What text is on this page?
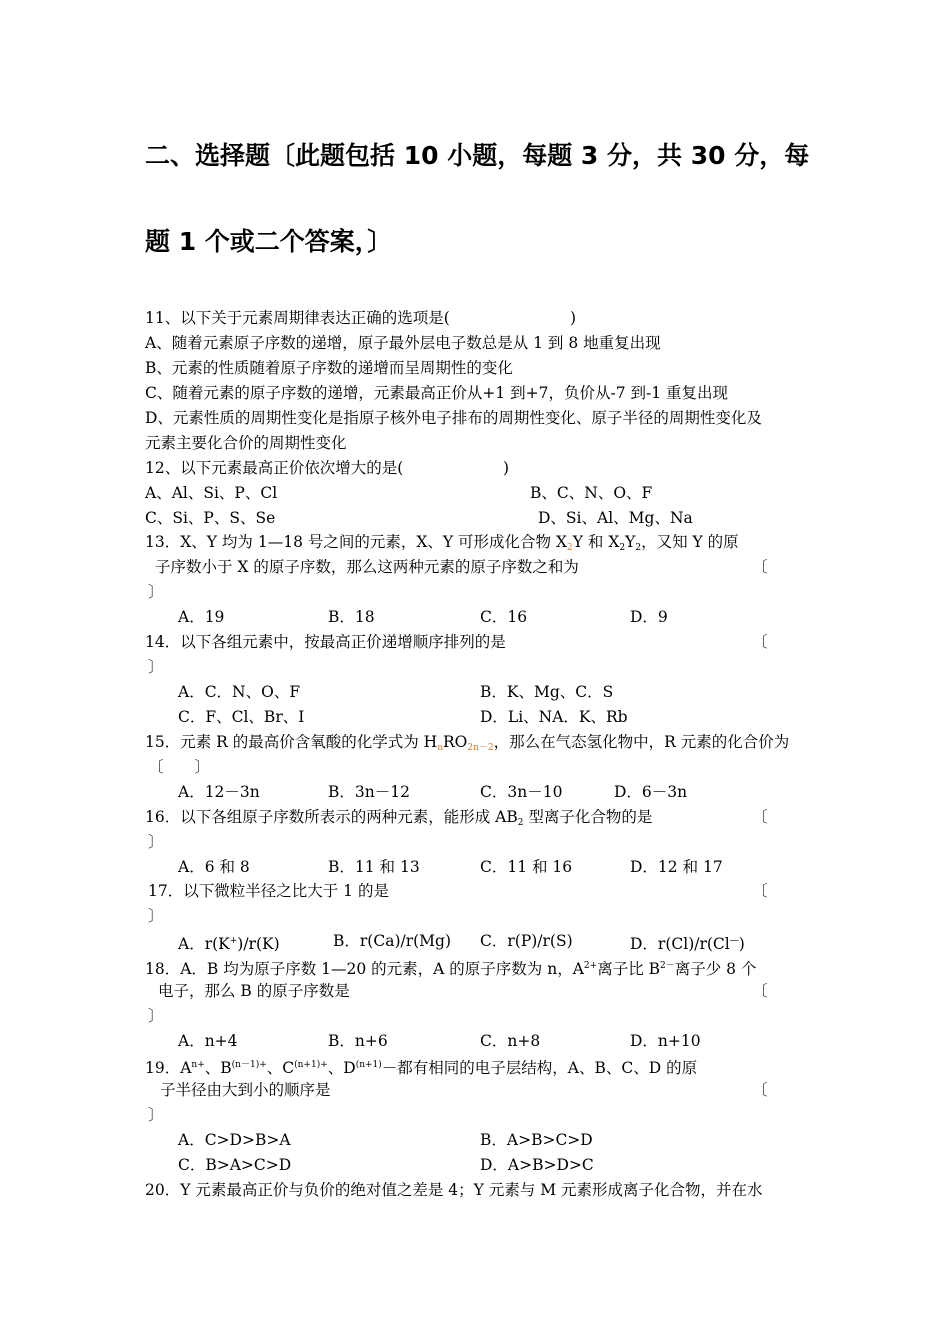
二、选择题〔此题包括 10 小题，每题 3 分，共 30 分，每
题 1 个或二个答案，〕
11、以下关于元素周期律表达正确的选项是(	)
A、随着元素原子序数的递增，原子最外层电子数总是从 1 到 8 地重复出现
B、元素的性质随着原子序数的递增而呈周期性的变化
C、随着元素的原子序数的递增，元素最高正价从+1 到+7，负价从-7 到-1 重复出现
D、元素性质的周期性变化是指原子核外电子排布的周期性变化、原子半径的周期性变化及
元素主要化合价的周期性变化
12、以下元素最高正价依次增大的是(	)
A、Al、Si、P、Cl	B、C、N、O、F
C、Si、P、S、Se	D、Si、Al、Mg、Na
13．X、Y 均为 1—18 号之间的元素，X、Y 可形成化合物 $X_2Y$ 和 $X_2Y_2$，又知 Y 的原
子序数小于 X 的原子序数，那么这两种元素的原子序数之和为	〔
〕
A．19	B．18	C．16	D．9
14．以下各组元素中，按最高正价递增顺序排列的是	〔
〕
A．C．N、O、F	B．K、Mg、C．S
C．F、Cl、Br、I	D．Li、NA．K、Rb
15．元素 R 的最高价含氧酸的化学式为 $H_nRO_{2n-2}$，那么在气态氢化物中，R 元素的化合价为
〔　　〕
A．12－3n	B．3n－12	C．3n－10	D．6－3n
16．以下各组原子序数所表示的两种元素，能形成 $AB_2$ 型离子化合物的是	〔
〕
A．6 和 8	B．11 和 13	C．11 和 16	D．12 和 17
17．以下微粒半径之比大于 1 的是	〔
〕
A．r(K+)/r(K)	B．r(Ca)/r(Mg) C．r(P)/r(S)	D．r(Cl)/r(Cl—)
18．A．B 均为原子序数 1—20 的元素，A 的原子序数为 n，$A^{2+}$离子比 $B^{2-}$离子少 8 个
电子，那么 B 的原子序数是	〔
〕
A．n+4	B．n+6	C．n+8	D．n+10
19．$A^{n+}$、$B^{(n-1)+}$、$C^{(n+1)+}$、$D^{(n+1)}-$都有相同的电子层结构，A、B、C、D 的原
子半径由大到小的顺序是	〔
〕
A．C>D>B>A	B．A>B>C>D
C．B>A>C>D	D．A>B>D>C
20．Y 元素最高正价与负价的绝对值之差是 4；Y 元素与 M 元素形成离子化合物，并在水
